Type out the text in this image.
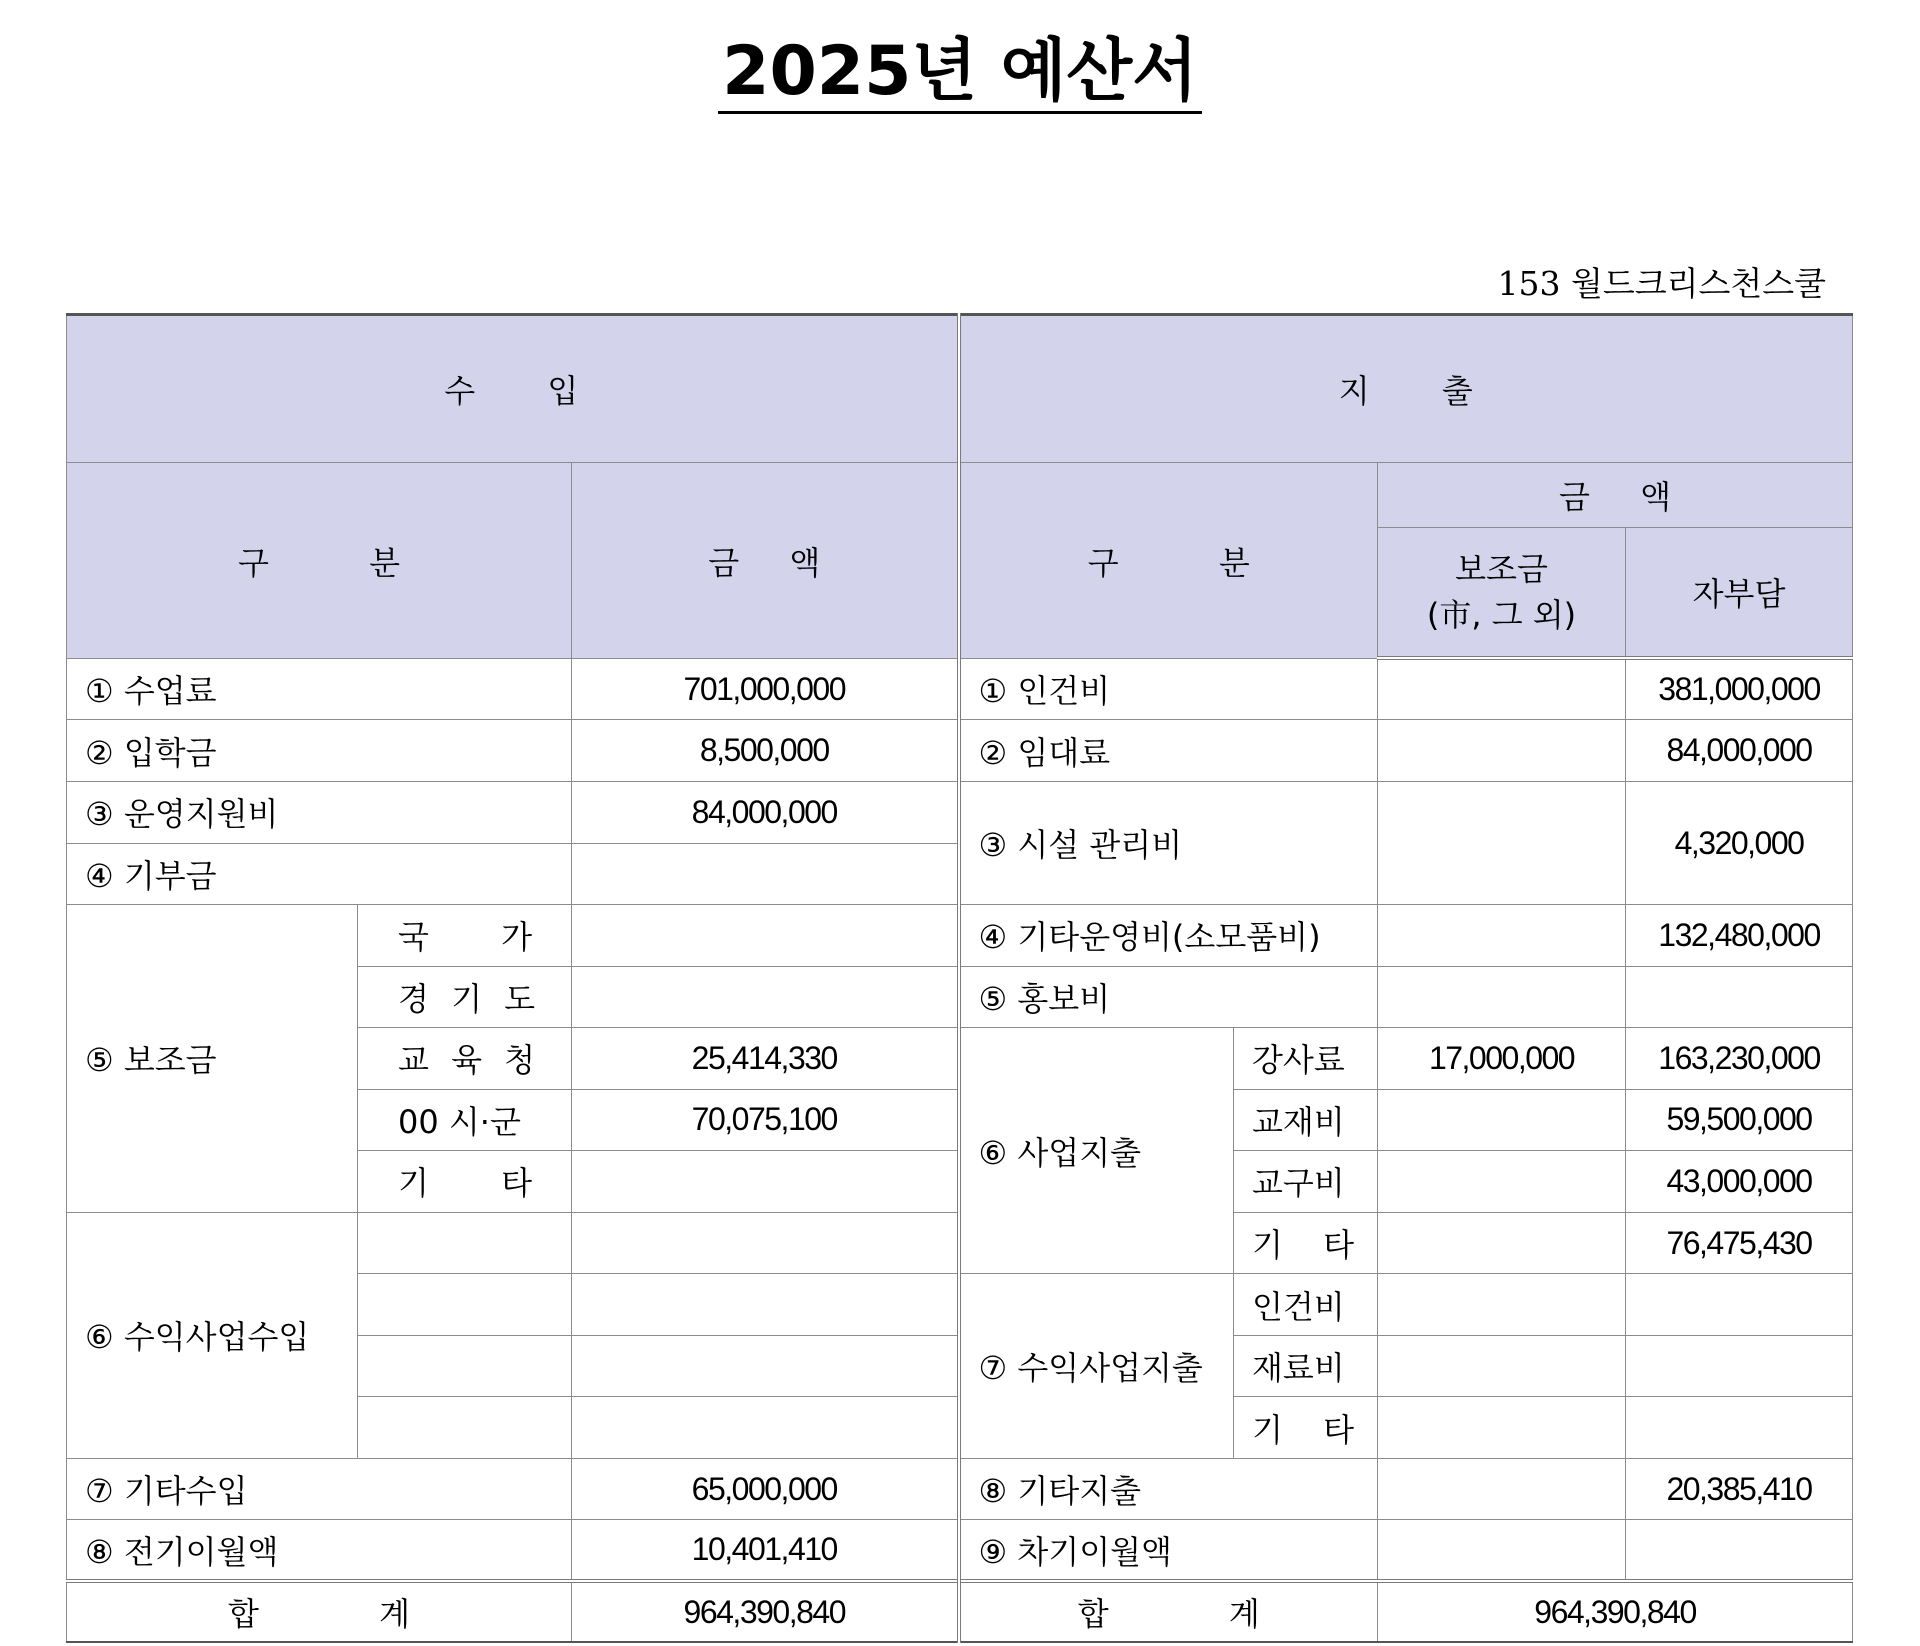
2025년 예산서
153 월드크리스천스쿨
수 입			지 출			
구 분		금 액	구 분		금 액	

					보조금
(市, 그 외)	자부담
① 수업료		701,000,000	① 인건비			381,000,000
② 입학금		8,500,000	② 임대료			84,000,000
③ 운영지원비		84,000,000	③ 시설 관리비			4,320,000
④ 기부금						
⑤ 보조금	국 가		④ 기타운영비(소모품비)			132,480,000
	경 기 도		⑤ 홍보비			
	교 육 청	25,414,330	⑥ 사업지출	강사료	17,000,000	163,230,000
	00 시·군	70,075,100		교재비		59,500,000
	기 타			교구비		43,000,000
⑥ 수익사업수입				기 타		76,475,430
			⑦ 수익사업지출	인건비		
				재료비		
				기 타		
⑦ 기타수입		65,000,000	⑧ 기타지출			20,385,410
⑧ 전기이월액		10,401,410	⑨ 차기이월액			
합 계		964,390,840	합 계		964,390,840	
